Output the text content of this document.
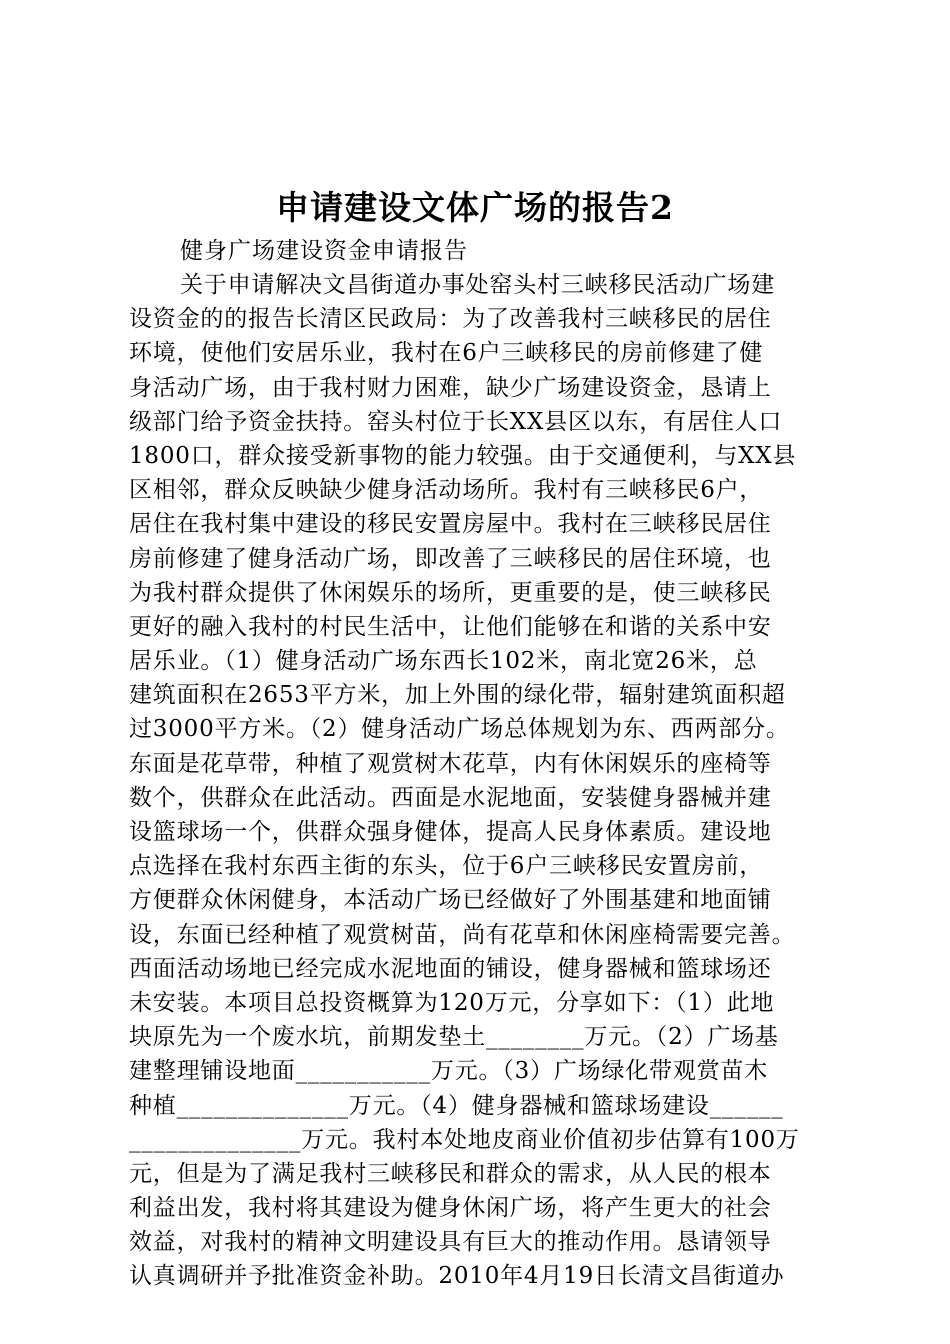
申请建设文体广场的报告2
健身广场建设资金申请报告
关于申请解决文昌街道办事处窑头村三峡移民活动广场建
设资金的的报告长清区民政局：为了改善我村三峡移民的居住
环境，使他们安居乐业，我村在6户三峡移民的房前修建了健
身活动广场，由于我村财力困难，缺少广场建设资金，恳请上
级部门给予资金扶持。窑头村位于长XX县区以东，有居住人口
1800口，群众接受新事物的能力较强。由于交通便利，与XX县
区相邻，群众反映缺少健身活动场所。我村有三峡移民6户，
居住在我村集中建设的移民安置房屋中。我村在三峡移民居住
房前修建了健身活动广场，即改善了三峡移民的居住环境，也
为我村群众提供了休闲娱乐的场所，更重要的是，使三峡移民
更好的融入我村的村民生活中，让他们能够在和谐的关系中安
居乐业。（1）健身活动广场东西长102米，南北宽26米，总
建筑面积在2653平方米，加上外围的绿化带，辐射建筑面积超
过3000平方米。（2）健身活动广场总体规划为东、西两部分。
东面是花草带，种植了观赏树木花草，内有休闲娱乐的座椅等
数个，供群众在此活动。西面是水泥地面，安装健身器械并建
设篮球场一个，供群众强身健体，提高人民身体素质。建设地
点选择在我村东西主街的东头，位于6户三峡移民安置房前，
方便群众休闲健身，本活动广场已经做好了外围基建和地面铺
设，东面已经种植了观赏树苗，尚有花草和休闲座椅需要完善。
西面活动场地已经完成水泥地面的铺设，健身器械和篮球场还
未安装。本项目总投资概算为120万元，分享如下：（1）此地
块原先为一个废水坑，前期发垫土________万元。（2）广场基
建整理铺设地面___________万元。（3）广场绿化带观赏苗木
种植______________万元。（4）健身器械和篮球场建设______
______________万元。我村本处地皮商业价值初步估算有100万
元，但是为了满足我村三峡移民和群众的需求，从人民的根本
利益出发，我村将其建设为健身休闲广场，将产生更大的社会
效益，对我村的精神文明建设具有巨大的推动作用。恳请领导
认真调研并予批准资金补助。2010年4月19日长清文昌街道办
